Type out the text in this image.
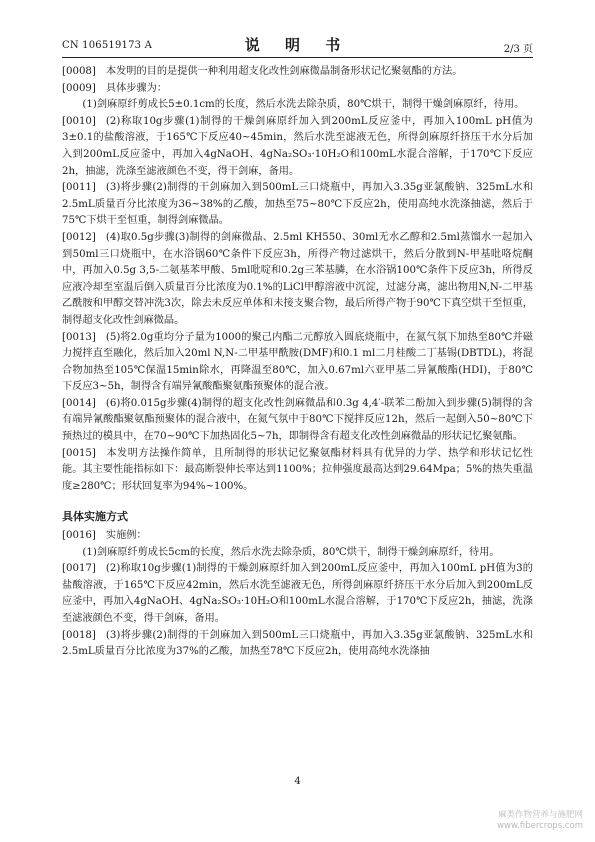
CN 106519173 A	说 明 书	2/3 页

[0008] 本发明的目的是提供一种利用超支化改性剑麻微晶制备形状记忆聚氨酯的方法。

[0009] 具体步骤为：

(1)剑麻原纤剪成长5±0.1cm的长度，然后水洗去除杂质，80℃烘干，制得干燥剑麻原纤，待用。

[0010] (2)称取10g步骤(1)制得的干燥剑麻原纤加入到200mL反应釜中，再加入100mL pH值为3±0.1的盐酸溶液，于165℃下反应40~45min，然后水洗至滤液无色，所得剑麻原纤挤压干水分后加入到200mL反应釜中，再加入4gNaOH、4gNa₂SO₃·10H₂O和100mL水混合溶解，于170℃下反应2h，抽滤，洗涤至滤液颜色不变，得干剑麻，备用。

[0011] (3)将步骤(2)制得的干剑麻加入到500mL三口烧瓶中，再加入3.35g亚氯酸钠、325mL水和2.5mL质量百分比浓度为36~38%的乙酸，加热至75~80℃下反应2h，使用高纯水洗涤抽滤，然后于75℃下烘干至恒重，制得剑麻微晶。

[0012] (4)取0.5g步骤(3)制得的剑麻微晶、2.5ml KH550、30ml无水乙醇和2.5ml蒸馏水一起加入到50ml三口烧瓶中，在水浴锅60℃条件下反应3h，所得产物过滤烘干，然后分散到N-甲基吡咯烷酮中，再加入0.5g 3,5-二氨基苯甲酸、5ml吡啶和0.2g三苯基膦，在水浴锅100℃条件下反应3h，所得反应液冷却至室温后倒入质量百分比浓度为0.1%的LiCl甲醇溶液中沉淀，过滤分离，滤出物用N,N-二甲基乙酰胺和甲醇交替冲洗3次，除去未反应单体和未接支聚合物，最后所得产物于90℃下真空烘干至恒重，制得超支化改性剑麻微晶。

[0013] (5)将2.0g重均分子量为1000的聚己内酯二元醇放入圆底烧瓶中，在氮气氛下加热至80℃并磁力搅拌直至融化，然后加入20ml N,N-二甲基甲酰胺(DMF)和0.1 ml二月桂酸二丁基锡(DBTDL)，将混合物加热至105℃保温15min除水，再降温至80℃，加入0.67ml六亚甲基二异氰酸酯(HDI)，于80℃下反应3~5h，制得含有端异氰酸酯聚氨酯预聚体的混合液。

[0014] (6)将0.015g步骤(4)制得的超支化改性剑麻微晶和0.3g 4,4′-联苯二酚加入到步骤(5)制得的含有端异氰酸酯聚氨酯预聚体的混合液中，在氮气氛中于80℃下搅拌反应12h，然后一起倒入50~80℃下预热过的模具中，在70~90℃下加热固化5~7h，即制得含有超支化改性剑麻微晶的形状记忆聚氨酯。

[0015] 本发明方法操作简单，且所制得的形状记忆聚氨酯材料具有优异的力学、热学和形状记忆性能。其主要性能指标如下：最高断裂伸长率达到1100%；拉伸强度最高达到29.64Mpa；5%的热失重温度≥280℃；形状回复率为94%~100%。

具体实施方式

[0016] 实施例：

(1)剑麻原纤剪成长5cm的长度，然后水洗去除杂质，80℃烘干，制得干燥剑麻原纤，待用。

[0017] (2)称取10g步骤(1)制得的干燥剑麻原纤加入到200mL反应釜中，再加入100mL pH值为3的盐酸溶液，于165℃下反应42min，然后水洗至滤液无色，所得剑麻原纤挤压干水分后加入到200mL反应釜中，再加入4gNaOH、4gNa₂SO₃·10H₂O和100mL水混合溶解，于170℃下反应2h，抽滤，洗涤至滤液颜色不变，得干剑麻，备用。

[0018] (3)将步骤(2)制得的干剑麻加入到500mL三口烧瓶中，再加入3.35g亚氯酸钠、325mL水和2.5mL质量百分比浓度为37%的乙酸，加热至78℃下反应2h，使用高纯水洗涤抽

4
麻类作物营养与施肥网
www.fibercrops.com
